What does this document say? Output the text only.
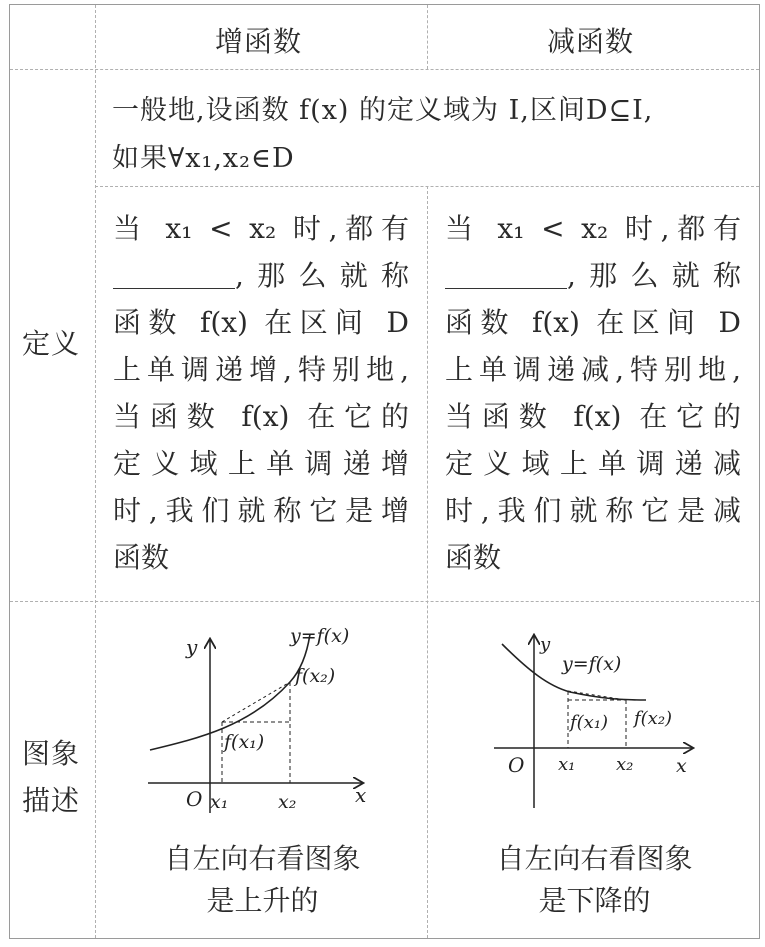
增函数	减函数
定义
图象
描述
一般地,设函数 f(x) 的定义域为 I,区间D⊆I,
如果∀x₁,x₂∈D
当 x₁ < x₂ 时,都有
,那么就称
函数 f(x) 在区间 D
上单调递增,特别地,
当函数 f(x) 在它的
定义域上单调递增
时,我们就称它是增
函数
当 x₁ < x₂ 时,都有
,那么就称
函数 f(x) 在区间 D
上单调递减,特别地,
当函数 f(x) 在它的
定义域上单调递减
时,我们就称它是减
函数
y
x
O x₁	x₂
y=f(x)
f(x₂)
f(x₁)
y
x
O x₁ x₂
y=f(x)
f(x₁) f(x₂)
自左向右看图象
是上升的
自左向右看图象
是下降的
